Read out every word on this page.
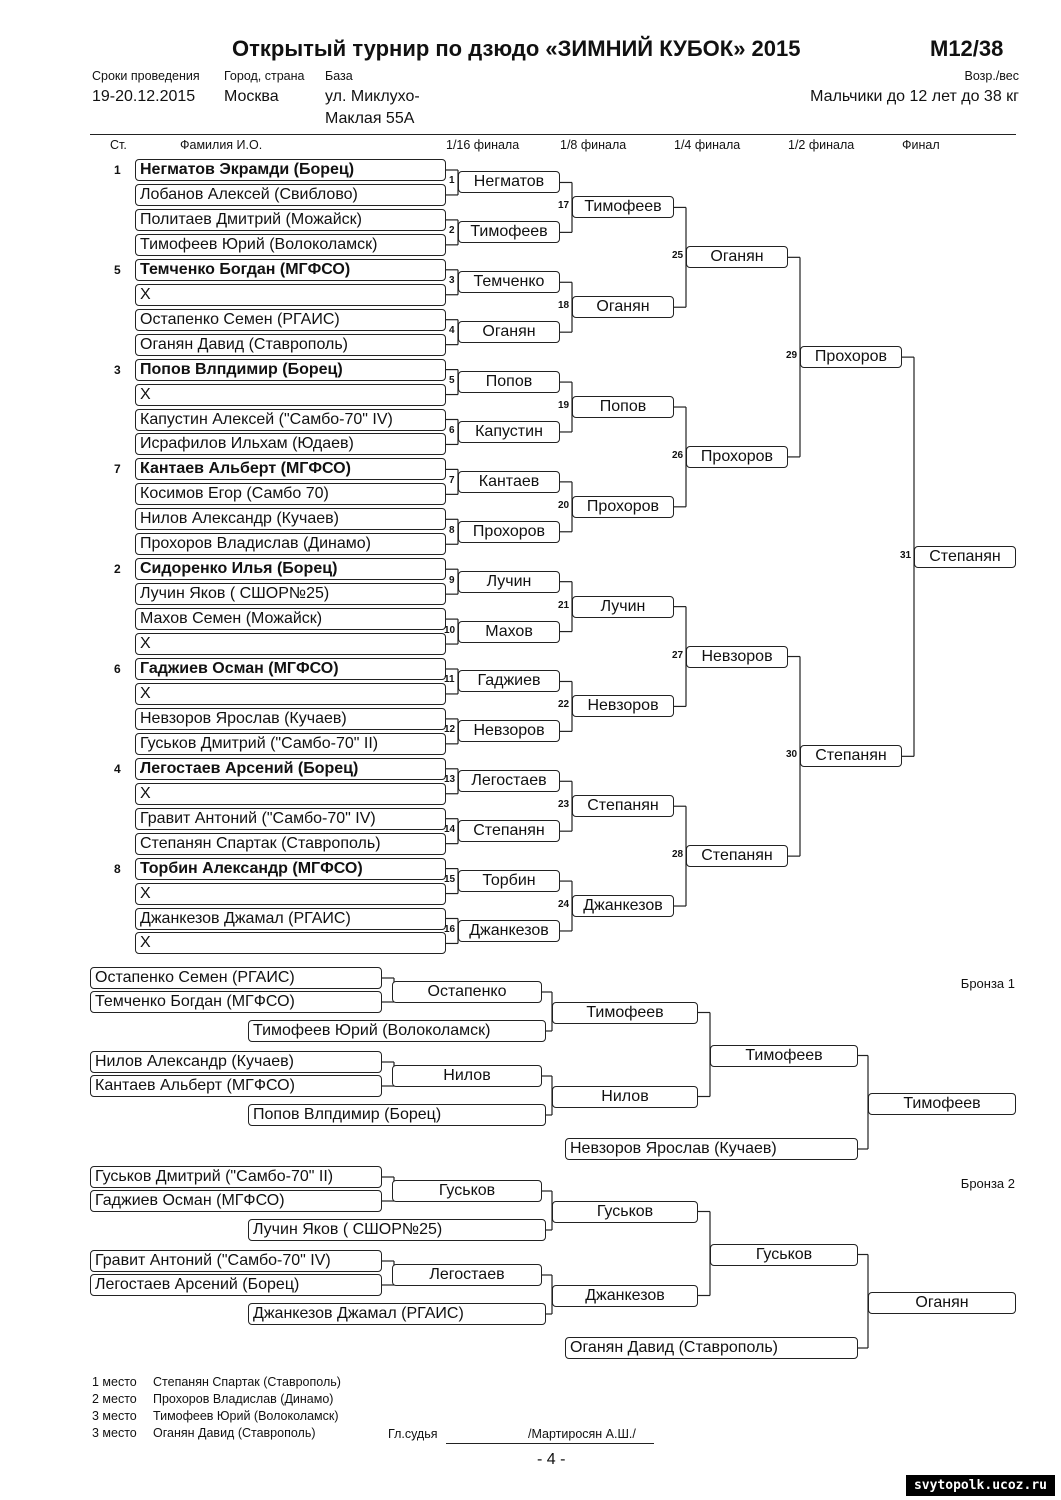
Открытый турнир по дзюдо «ЗИМНИЙ КУБОК» 2015	М12/38
Сроки проведения
19-20.12.2015
Город, страна
Москва
База
ул. Миклухо-
Маклая 55А
Возр./вес
Мальчики до 12 лет до 38 кг
Ст.	Фамилия И.О.	1/16 финала	1/8 финала	1/4 финала	1/2 финала	Финал
Негматов Экрамди (Борец)
Лобанов Алексей (Свиблово)
Политаев Дмитрий (Можайск)
Тимофеев Юрий (Волоколамск)
Темченко Богдан (МГФСО)
X
Остапенко Семен (РГАИС)
Оганян Давид (Ставрополь)
Попов Влпдимир (Борец)
X
Капустин Алексей ("Самбо-70" IV)
Исрафилов Ильхам (Юдаев)
Кантаев Альберт (МГФСО)
Косимов Егор (Самбо 70)
Нилов Александр (Кучаев)
Прохоров Владислав (Динамо)
Сидоренко Илья (Борец)
Лучин Яков ( СШОР№25)
Махов Семен (Можайск)
X
Гаджиев Осман (МГФСО)
X
Невзоров Ярослав (Кучаев)
Гуськов Дмитрий ("Самбо-70" II)
Легостаев Арсений (Борец)
X
Гравит Антоний ("Самбо-70" IV)
Степанян Спартак (Ставрополь)
Торбин Александр (МГФСО)
X
Джанкезов Джамал (РГАИС)
X
1
5
3
7
2
6
4
8
Негматов
1
Тимофеев
2
Темченко
3
Оганян
4
Попов
5
Капустин
6
Кантаев
7
Прохоров
8
Лучин
9
Махов
10
Гаджиев
11
Невзоров
12
Легостаев
13
Степанян
14
Торбин
15
Джанкезов
16
Тимофеев
17
Оганян
18
Попов
19
Прохоров
20
Лучин
21
Невзоров
22
Степанян
23
Джанкезов
24
Оганян
25
Прохоров
26
Невзоров
27
Степанян
28
Прохоров
29
Степанян
30
Степанян
31
Бронза 1
Остапенко Семен (РГАИС)
Темченко Богдан (МГФСО)
Остапенко
Тимофеев Юрий (Волоколамск)
Тимофеев
Нилов Александр (Кучаев)
Кантаев Альберт (МГФСО)
Нилов
Попов Влпдимир (Борец)
Нилов
Тимофеев
Невзоров Ярослав (Кучаев)
Тимофеев
Бронза 2
Гуськов Дмитрий ("Самбо-70" II)
Гаджиев Осман (МГФСО)
Гуськов
Лучин Яков ( СШОР№25)
Гуськов
Гравит Антоний ("Самбо-70" IV)
Легостаев Арсений (Борец)
Легостаев
Джанкезов Джамал (РГАИС)
Джанкезов
Гуськов
Оганян Давид (Ставрополь)
Оганян
1 место Степанян Спартак (Ставрополь)
2 место Прохоров Владислав (Динамо)
3 место Тимофеев Юрий (Волоколамск)
3 место Оганян Давид (Ставрополь)	Гл.судья	/Мартиросян А.Ш./
- 4 -
svytopolk.ucoz.ru
